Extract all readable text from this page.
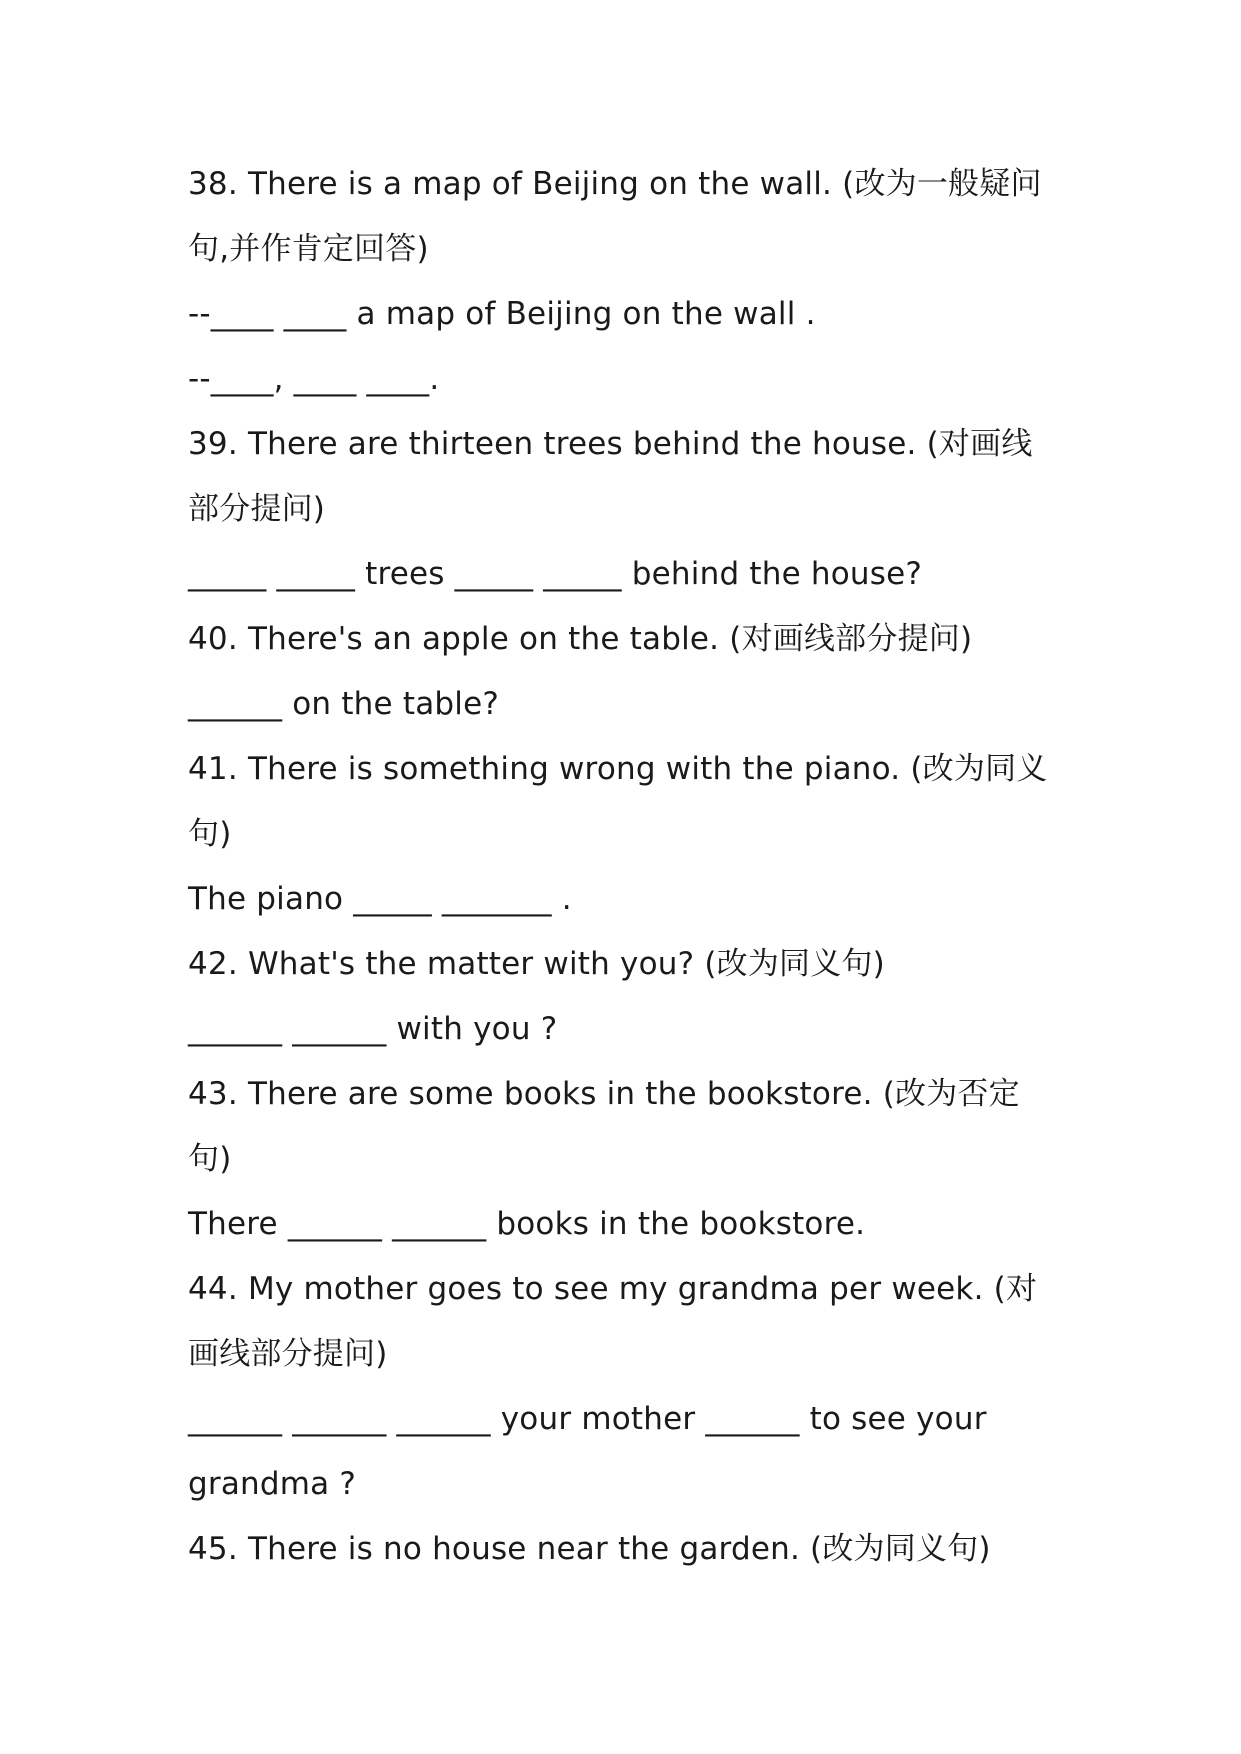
38. There is a map of Beijing on the wall. (改为一般疑问
句,并作肯定回答)
--____ ____ a map of Beijing on the wall .
--____, ____ ____.
39. There are thirteen trees behind the house. (对画线
部分提问)
_____ _____ trees _____ _____ behind the house?
40. There's an apple on the table. (对画线部分提问)
______ on the table?
41. There is something wrong with the piano. (改为同义
句)
The piano _____ _______ .
42. What's the matter with you? (改为同义句)
______ ______ with you ?
43. There are some books in the bookstore. (改为否定
句)
There ______ ______ books in the bookstore.
44. My mother goes to see my grandma per week. (对
画线部分提问)
______ ______ ______ your mother ______ to see your
grandma ?
45. There is no house near the garden. (改为同义句)
